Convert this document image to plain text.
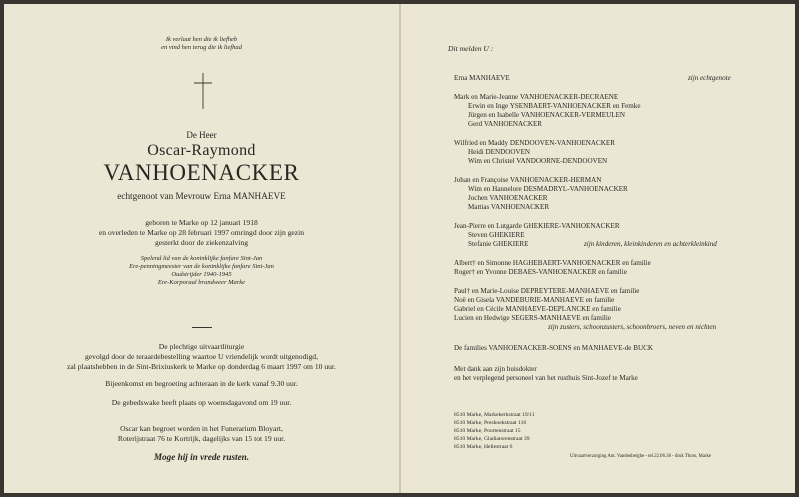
Ik verlaat hen die ik liefheb
en vind hen terug die ik liefhad
De Heer
Oscar-Raymond
VANHOENACKER
echtgenoot van Mevrouw Erna MANHAEVE
geboren te Marke op 12 januari 1918
en overleden te Marke op 28 februari 1997 omringd door zijn gezin
gesterkt door de ziekenzalving
Spelend lid van de koninklijke fanfare Sint-Jan
Ere-penningmeester van de koninklijke fanfare Sint-Jan
Oudstrijder 1940-1945
Ere-Korporaal brandweer Marke
De plechtige uitvaartliturgie
gevolgd door de teraardebestelling waartoe U vriendelijk wordt uitgenodigd,
zal plaatshebben in de Sint-Brixiuskerk te Marke op donderdag 6 maart 1997 om 10 uur.
Bijeenkomst en begroeting achteraan in de kerk vanaf 9.30 uur.
De gebedswake heeft plaats op woensdagavond om 19 uur.
Oscar kan begroet worden in het Funerarium Bloyart,
Roterijstraat 76 te Kortrijk, dagelijks van 15 tot 19 uur.
Moge hij in vrede rusten.
Dit melden U :
Erna MANHAEVE	zijn echtgenote
Mark en Marie-Jeanne VANHOENACKER-DECRAENE
Erwin en Inge YSENBAERT-VANHOENACKER en Femke
Jürgen en Isabelle VANHOENACKER-VERMEULEN
Gerd VANHOENACKER
Wilfried en Maddy DENDOOVEN-VANHOENACKER
Heidi DENDOOVEN
Wim en Christel VANDOORNE-DENDOOVEN
Johan en Françoise VANHOENACKER-HERMAN
Wim en Hannelore DESMADRYL-VANHOENACKER
Jochen VANHOENACKER
Mattias VANHOENACKER
Jean-Pierre en Lutgarde GHEKIERE-VANHOENACKER
Steven GHEKIERE
Stefanie GHEKIERE	zijn kinderen, kleinkinderen en achterkleinkind
Albert† en Simonne HAGHEBAERT-VANHOENACKER en familie
Roger† en Yvonne DEBAES-VANHOENACKER en familie
Paul† en Marie-Louise DEPREYTERE-MANHAEVE en familie
Noë en Gisela VANDEBURIE-MANHAEVE en familie
Gabriel en Cécile MANHAEVE-DEPLANCKE en familie
Lucien en Hedwige SEGERS-MANHAEVE en familie
zijn zusters, schoonzusters, schoonbroers, neven en nichten
De families VANHOENACKER-SOENS en MANHAEVE-de BUCK
Met dank aan zijn huisdokter
en het verplegend personeel van het rusthuis Sint-Jozef te Marke
8510 Marke, Markekerkstraat 19/11
8510 Marke, Preshoekstraat 116
8510 Marke, Poortenstraat 15
8510 Marke, Gladiatorenstraat 39
8510 Marke, Hellestraat 6
Uitvaartverzorging Ant. Vandenberghe - tel.22.06.36 - druk Thors, Marke
